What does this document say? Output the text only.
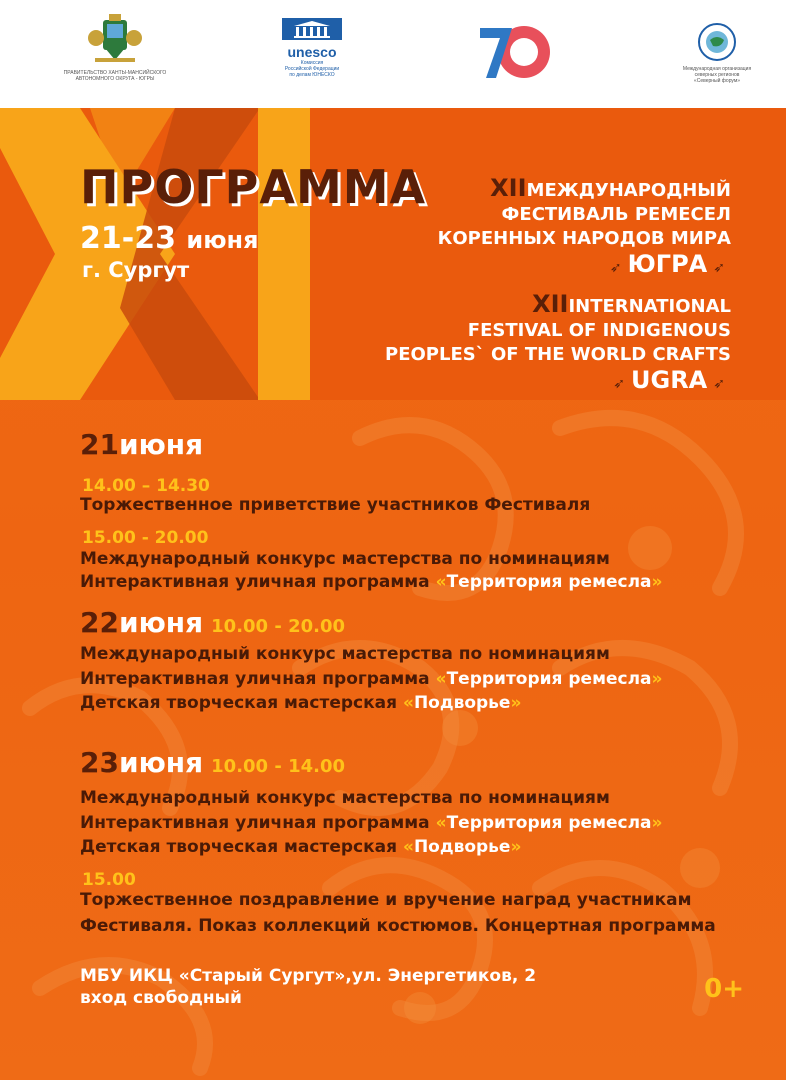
ПРАВИТЕЛЬСТВО ХАНТЫ-МАНСИЙСКОГО
АВТОНОМНОГО ОКРУГА - ЮГРЫ
unesco
Комиссия
Российской Федерации
по делам ЮНЕСКО
Международная организация
северных регионов
«Северный форум»
ПРОГРАММА
21-23 июня
г. Сургут
XIIМЕЖДУНАРОДНЫЙ
ФЕСТИВАЛЬ РЕМЕСЕЛ
КОРЕННЫХ НАРОДОВ МИРА
➶ ЮГРА ➶
XIIINTERNATIONAL
FESTIVAL OF INDIGENOUS
PEOPLES` OF THE WORLD CRAFTS
➶ UGRA ➶
21июня
14.00 – 14.30
Торжественное приветствие участников Фестиваля
15.00 - 20.00
Международный конкурс мастерства по номинациям
Интерактивная уличная программа «Территория ремесла»
22июня 10.00 - 20.00
Международный конкурс мастерства по номинациям
Интерактивная уличная программа «Территория ремесла»
Детская творческая мастерская «Подворье»
23июня 10.00 - 14.00
Международный конкурс мастерства по номинациям
Интерактивная уличная программа «Территория ремесла»
Детская творческая мастерская «Подворье»
15.00
Торжественное поздравление и вручение наград участникам
Фестиваля. Показ коллекций костюмов. Концертная программа
МБУ ИКЦ «Старый Сургут»,ул. Энергетиков, 2
вход свободный	0+
